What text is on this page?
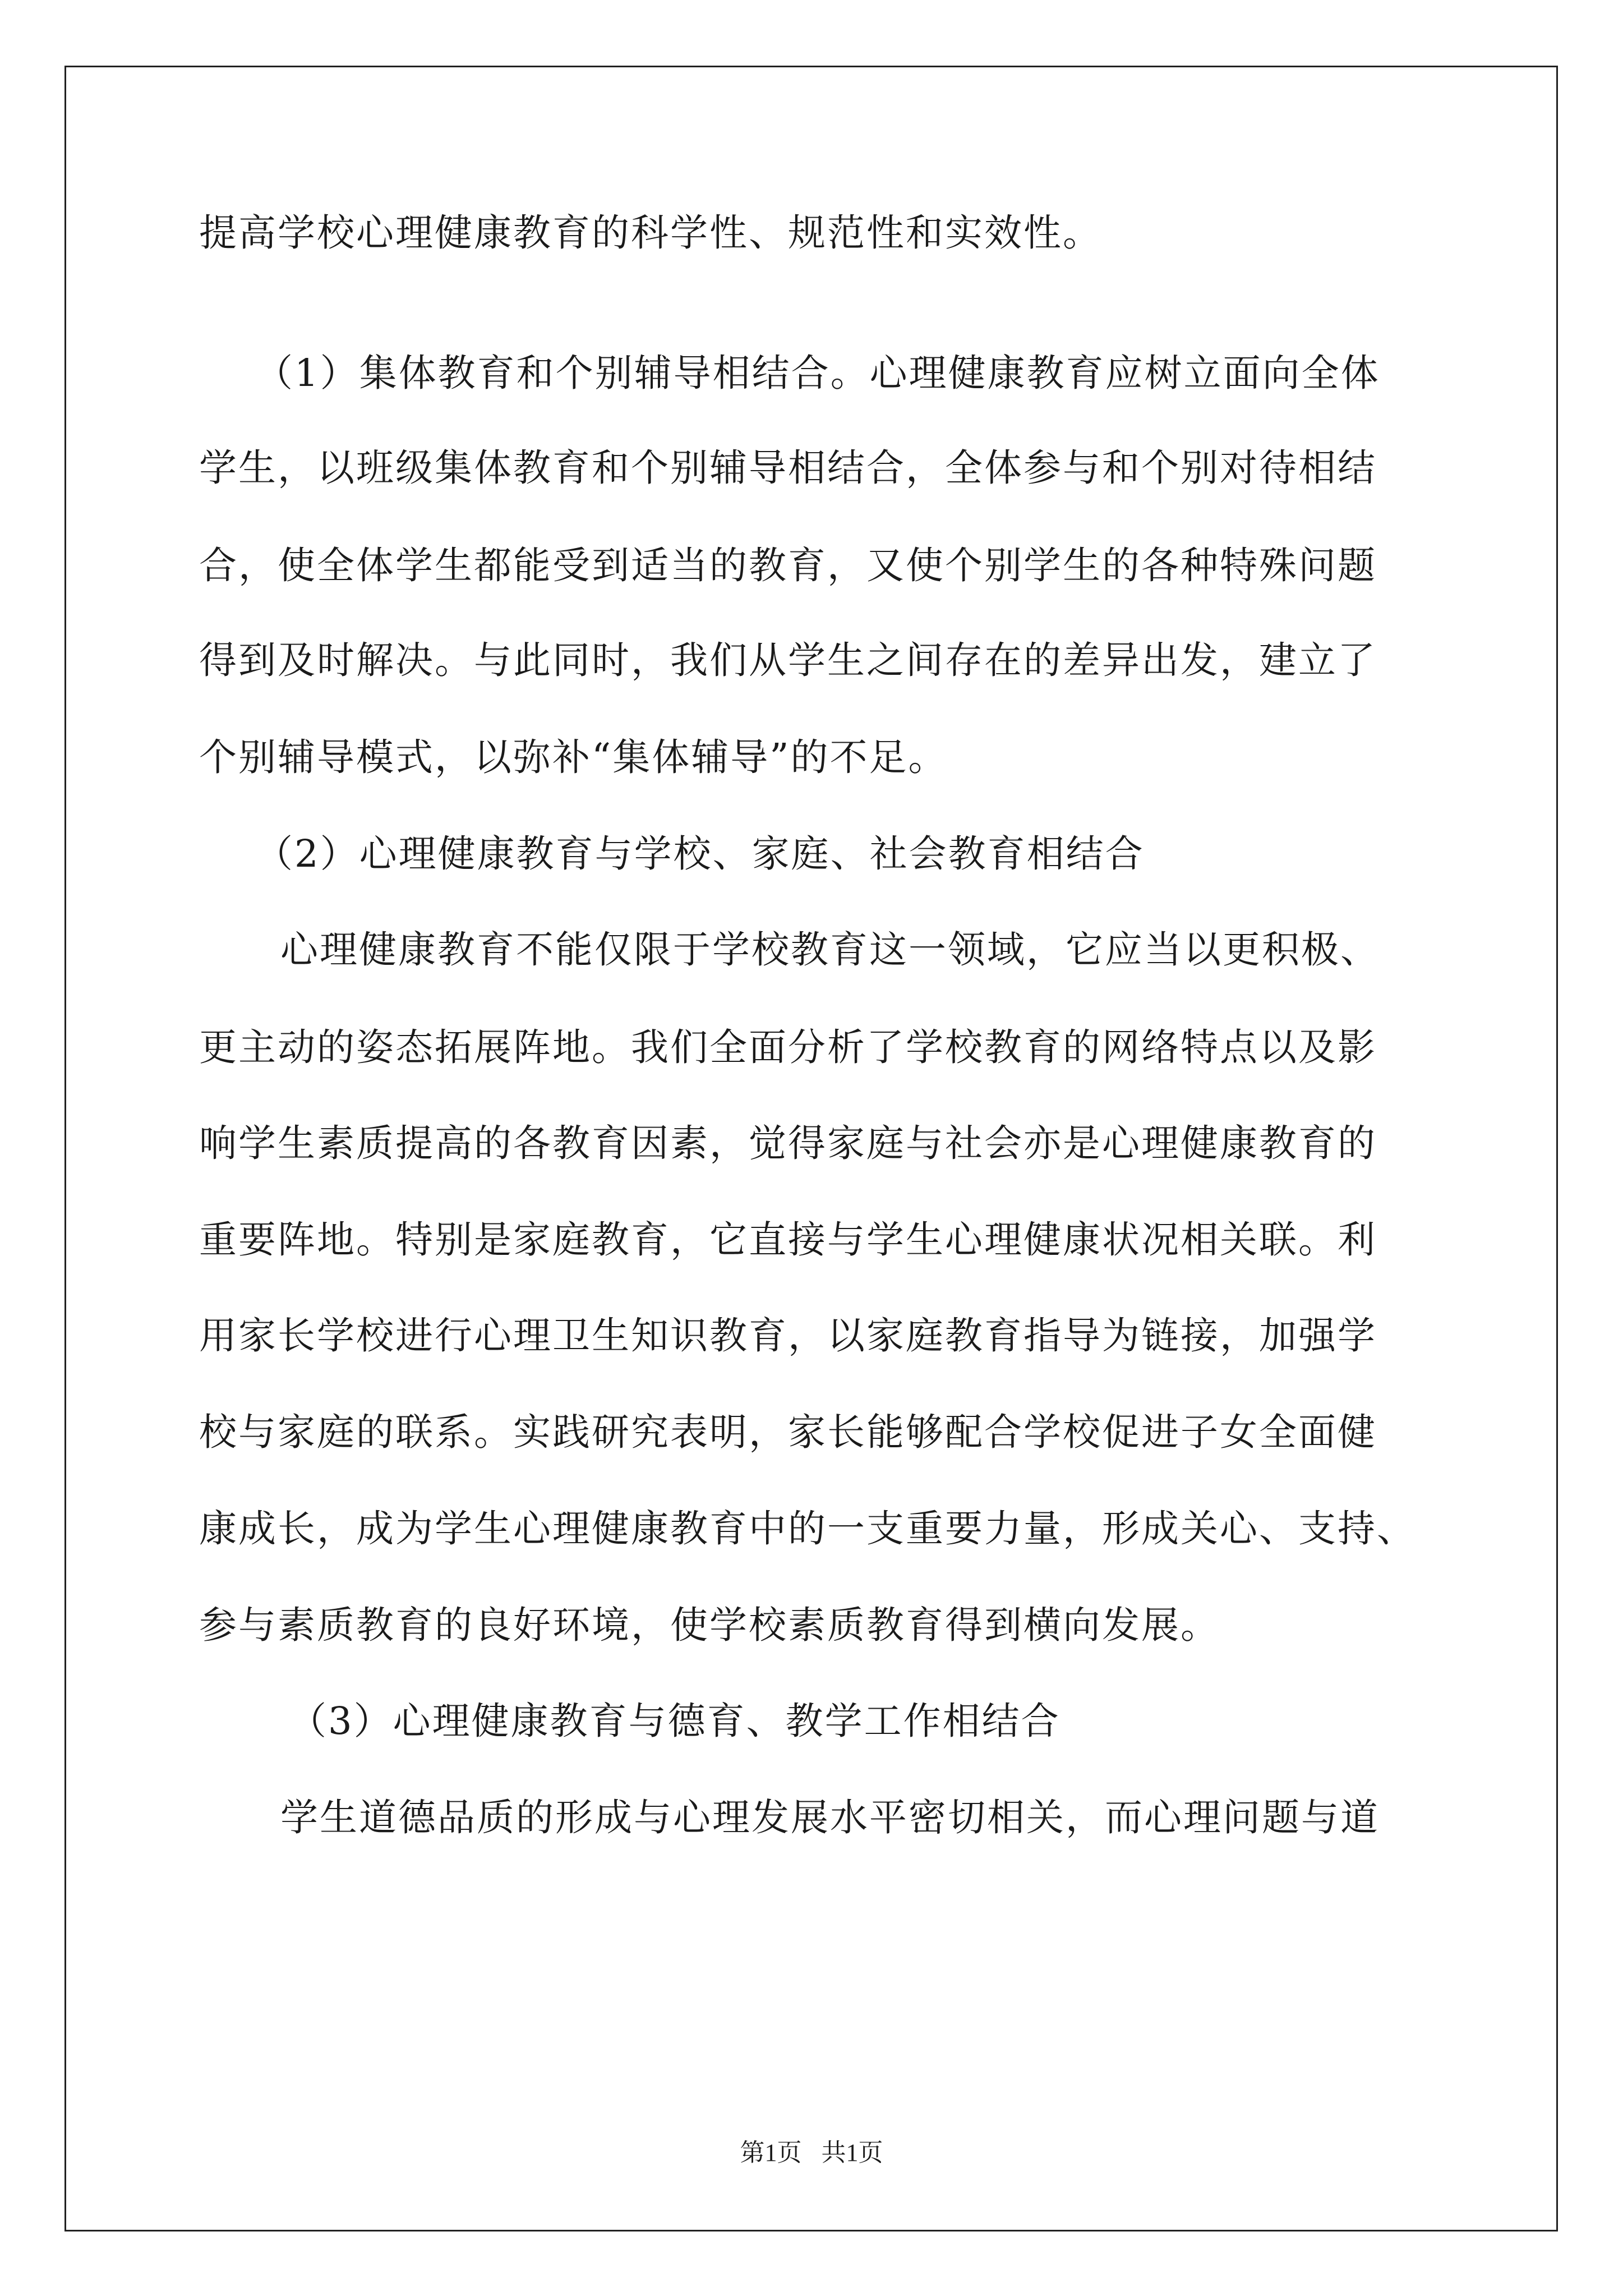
提高学校心理健康教育的科学性、规范性和实效性。
（1）集体教育和个别辅导相结合。心理健康教育应树立面向全体
学生，以班级集体教育和个别辅导相结合，全体参与和个别对待相结
合，使全体学生都能受到适当的教育，又使个别学生的各种特殊问题
得到及时解决。与此同时，我们从学生之间存在的差异出发，建立了
个别辅导模式，以弥补“集体辅导”的不足。
（2）心理健康教育与学校、家庭、社会教育相结合
心理健康教育不能仅限于学校教育这一领域，它应当以更积极、
更主动的姿态拓展阵地。我们全面分析了学校教育的网络特点以及影
响学生素质提高的各教育因素，觉得家庭与社会亦是心理健康教育的
重要阵地。特别是家庭教育，它直接与学生心理健康状况相关联。利
用家长学校进行心理卫生知识教育，以家庭教育指导为链接，加强学
校与家庭的联系。实践研究表明，家长能够配合学校促进子女全面健
康成长，成为学生心理健康教育中的一支重要力量，形成关心、支持、
参与素质教育的良好环境，使学校素质教育得到横向发展。
（3）心理健康教育与德育、教学工作相结合
学生道德品质的形成与心理发展水平密切相关，而心理问题与道
第1页 共1页
